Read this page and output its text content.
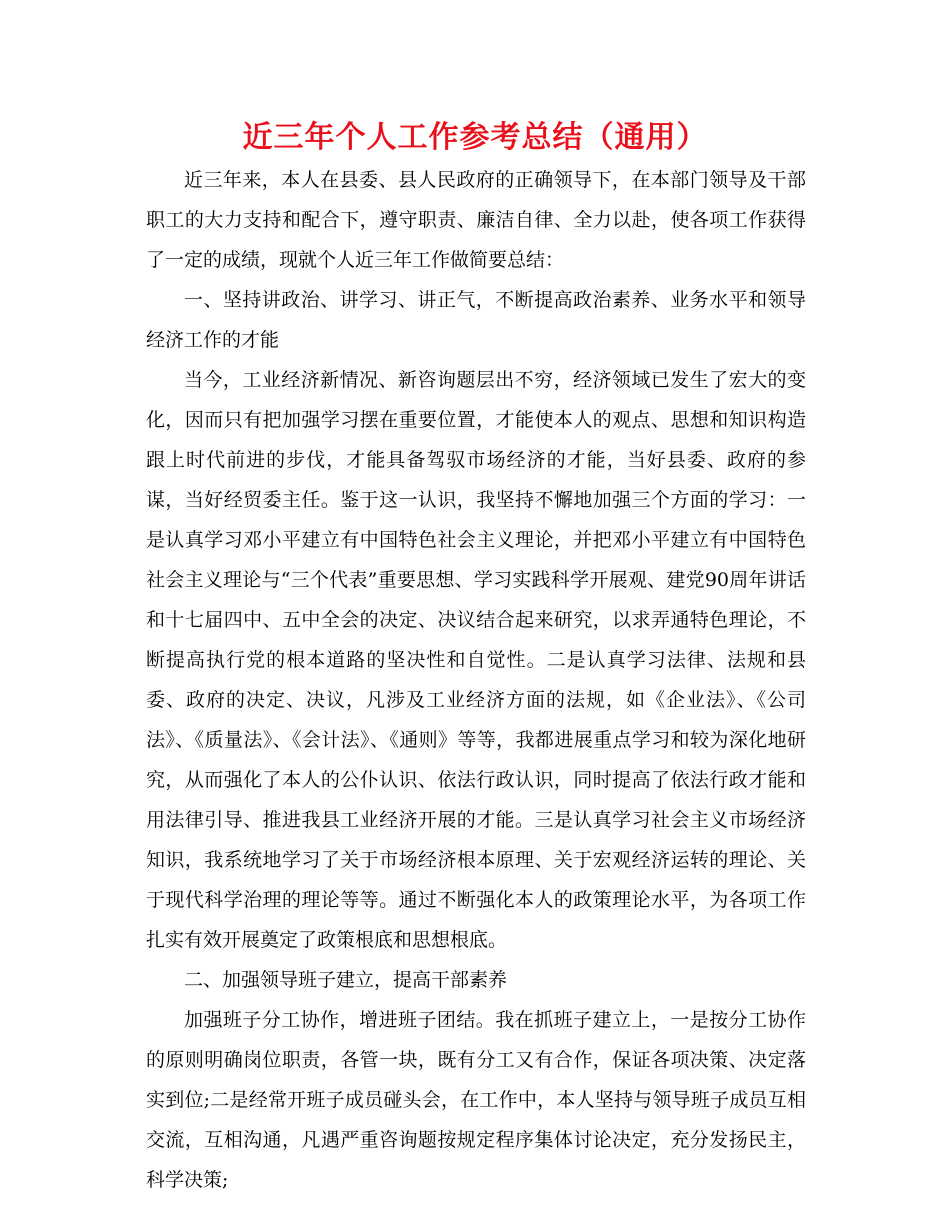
近三年个人工作参考总结（通用）

近三年来，本人在县委、县人民政府的正确领导下，在本部门领导及干部职工的大力支持和配合下，遵守职责、廉洁自律、全力以赴，使各项工作获得了一定的成绩，现就个人近三年工作做简要总结：

一、坚持讲政治、讲学习、讲正气，不断提高政治素养、业务水平和领导经济工作的才能

当今，工业经济新情况、新咨询题层出不穷，经济领域已发生了宏大的变化，因而只有把加强学习摆在重要位置，才能使本人的观点、思想和知识构造跟上时代前进的步伐，才能具备驾驭市场经济的才能，当好县委、政府的参谋，当好经贸委主任。鉴于这一认识，我坚持不懈地加强三个方面的学习：一是认真学习邓小平建立有中国特色社会主义理论，并把邓小平建立有中国特色社会主义理论与“三个代表”重要思想、学习实践科学开展观、建党90周年讲话和十七届四中、五中全会的决定、决议结合起来研究，以求弄通特色理论，不断提高执行党的根本道路的坚决性和自觉性。二是认真学习法律、法规和县委、政府的决定、决议，凡涉及工业经济方面的法规，如《企业法》、《公司法》、《质量法》、《会计法》、《通则》等等，我都进展重点学习和较为深化地研究，从而强化了本人的公仆认识、依法行政认识，同时提高了依法行政才能和用法律引导、推进我县工业经济开展的才能。三是认真学习社会主义市场经济知识，我系统地学习了关于市场经济根本原理、关于宏观经济运转的理论、关于现代科学治理的理论等等。通过不断强化本人的政策理论水平，为各项工作扎实有效开展奠定了政策根底和思想根底。

二、加强领导班子建立，提高干部素养

加强班子分工协作，增进班子团结。我在抓班子建立上，一是按分工协作的原则明确岗位职责，各管一块，既有分工又有合作，保证各项决策、决定落实到位;二是经常开班子成员碰头会，在工作中，本人坚持与领导班子成员互相交流，互相沟通，凡遇严重咨询题按规定程序集体讨论决定，充分发扬民主，科学决策;
